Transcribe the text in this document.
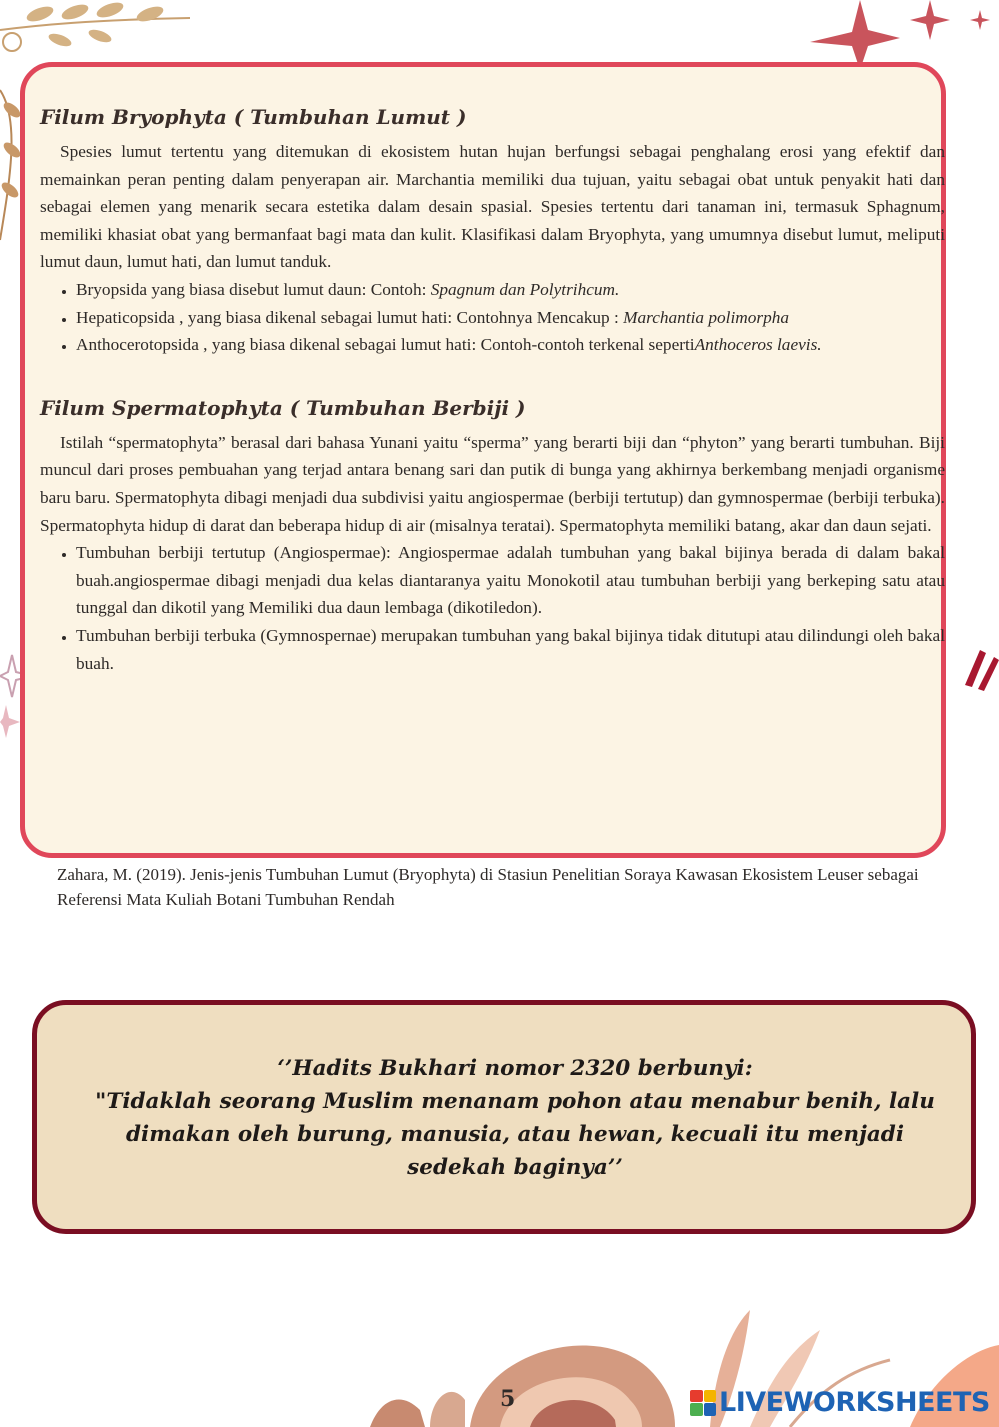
Filum Bryophyta ( Tumbuhan Lumut )

Spesies lumut tertentu yang ditemukan di ekosistem hutan hujan berfungsi sebagai penghalang erosi yang efektif dan memainkan peran penting dalam penyerapan air. Marchantia memiliki dua tujuan, yaitu sebagai obat untuk penyakit hati dan sebagai elemen yang menarik secara estetika dalam desain spasial. Spesies tertentu dari tanaman ini, termasuk Sphagnum, memiliki khasiat obat yang bermanfaat bagi mata dan kulit. Klasifikasi dalam Bryophyta, yang umumnya disebut lumut, meliputi lumut daun, lumut hati, dan lumut tanduk.

• Bryopsida yang biasa disebut lumut daun: Contoh: Spagnum dan Polytrihcum.
• Hepaticopsida , yang biasa dikenal sebagai lumut hati: Contohnya Mencakup : Marchantia polimorpha
• Anthocerotopsida , yang biasa dikenal sebagai lumut hati: Contoh-contoh terkenal sepertiAnthoceros laevis.
Filum Spermatophyta ( Tumbuhan Berbiji )

Istilah “spermatophyta” berasal dari bahasa Yunani yaitu “sperma” yang berarti biji dan “phyton” yang berarti tumbuhan. Biji muncul dari proses pembuahan yang terjad antara benang sari dan putik di bunga yang akhirnya berkembang menjadi organisme baru baru. Spermatophyta dibagi menjadi dua subdivisi yaitu angiospermae (berbiji tertutup) dan gymnospermae (berbiji terbuka). Spermatophyta hidup di darat dan beberapa hidup di air (misalnya teratai). Spermatophyta memiliki batang, akar dan daun sejati.

• Tumbuhan berbiji tertutup (Angiospermae): Angiospermae adalah tumbuhan yang bakal bijinya berada di dalam bakal buah.angiospermae dibagi menjadi dua kelas diantaranya yaitu Monokotil atau tumbuhan berbiji yang berkeping satu atau tunggal dan dikotil yang Memiliki dua daun lembaga (dikotiledon).
• Tumbuhan berbiji terbuka (Gymnospernae) merupakan tumbuhan yang bakal bijinya tidak ditutupi atau dilindungi oleh bakal buah.
Zahara, M. (2019). Jenis-jenis Tumbuhan Lumut (Bryophyta) di Stasiun Penelitian Soraya Kawasan Ekosistem Leuser sebagai Referensi Mata Kuliah Botani Tumbuhan Rendah
‘’Hadits Bukhari nomor 2320 berbunyi:
"Tidaklah seorang Muslim menanam pohon atau menabur benih, lalu dimakan oleh burung, manusia, atau hewan, kecuali itu menjadi sedekah baginya’’
5	LIVEWORKSHEETS
